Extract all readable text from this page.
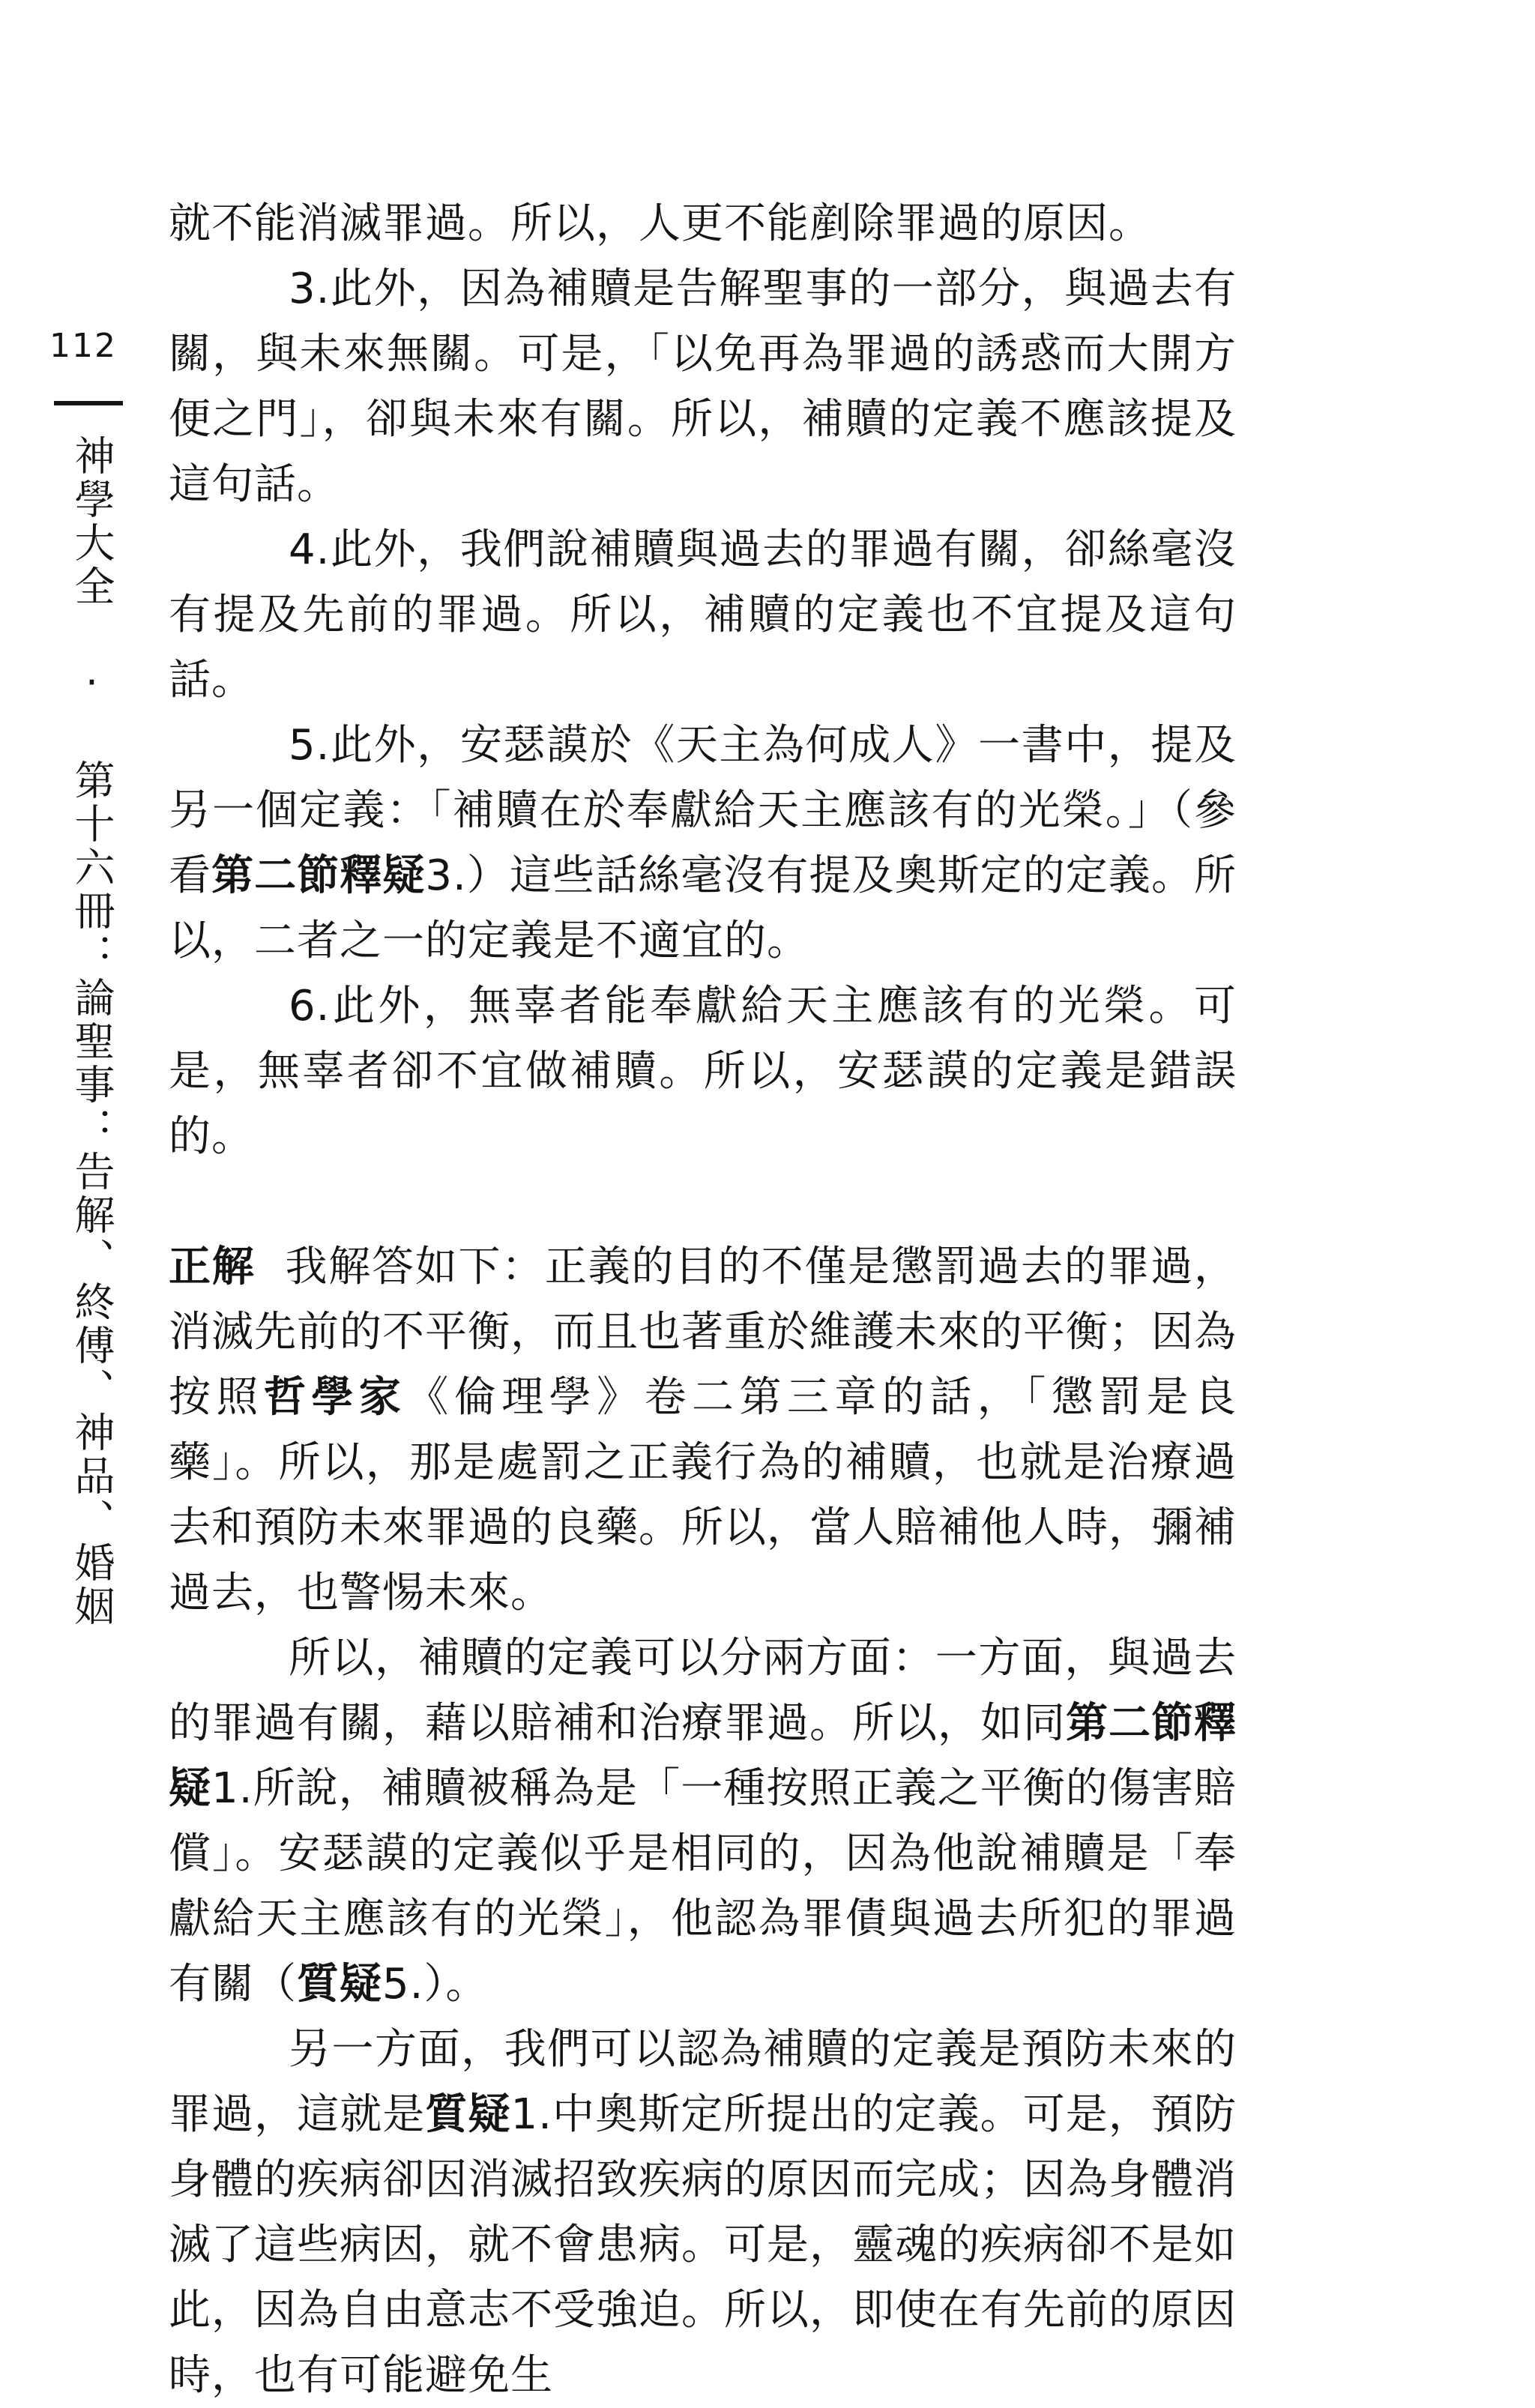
112
神學大全 · 第十六冊：論聖事：告解、終傅、神品、婚姻

就不能消滅罪過。所以，人更不能剷除罪過的原因。

3.此外，因為補贖是告解聖事的一部分，與過去有關，與未來無關。可是，「以免再為罪過的誘惑而大開方便之門」，卻與未來有關。所以，補贖的定義不應該提及這句話。

4.此外，我們說補贖與過去的罪過有關，卻絲毫沒有提及先前的罪過。所以，補贖的定義也不宜提及這句話。

5.此外，安瑟謨於《天主為何成人》一書中，提及另一個定義：「補贖在於奉獻給天主應該有的光榮。」（參看第二節釋疑3.）這些話絲毫沒有提及奧斯定的定義。所以，二者之一的定義是不適宜的。

6.此外，無辜者能奉獻給天主應該有的光榮。可是，無辜者卻不宜做補贖。所以，安瑟謨的定義是錯誤的。

正解 我解答如下：正義的目的不僅是懲罰過去的罪過，消滅先前的不平衡，而且也著重於維護未來的平衡；因為按照哲學家《倫理學》卷二第三章的話，「懲罰是良藥」。所以，那是處罰之正義行為的補贖，也就是治療過去和預防未來罪過的良藥。所以，當人賠補他人時，彌補過去，也警惕未來。

所以，補贖的定義可以分兩方面：一方面，與過去的罪過有關，藉以賠補和治療罪過。所以，如同第二節釋疑1.所說，補贖被稱為是「一種按照正義之平衡的傷害賠償」。安瑟謨的定義似乎是相同的，因為他說補贖是「奉獻給天主應該有的光榮」，他認為罪債與過去所犯的罪過有關（質疑5.）。

另一方面，我們可以認為補贖的定義是預防未來的罪過，這就是質疑1.中奧斯定所提出的定義。可是，預防身體的疾病卻因消滅招致疾病的原因而完成；因為身體消滅了這些病因，就不會患病。可是，靈魂的疾病卻不是如此，因為自由意志不受強迫。所以，即使在有先前的原因時，也有可能避免生
